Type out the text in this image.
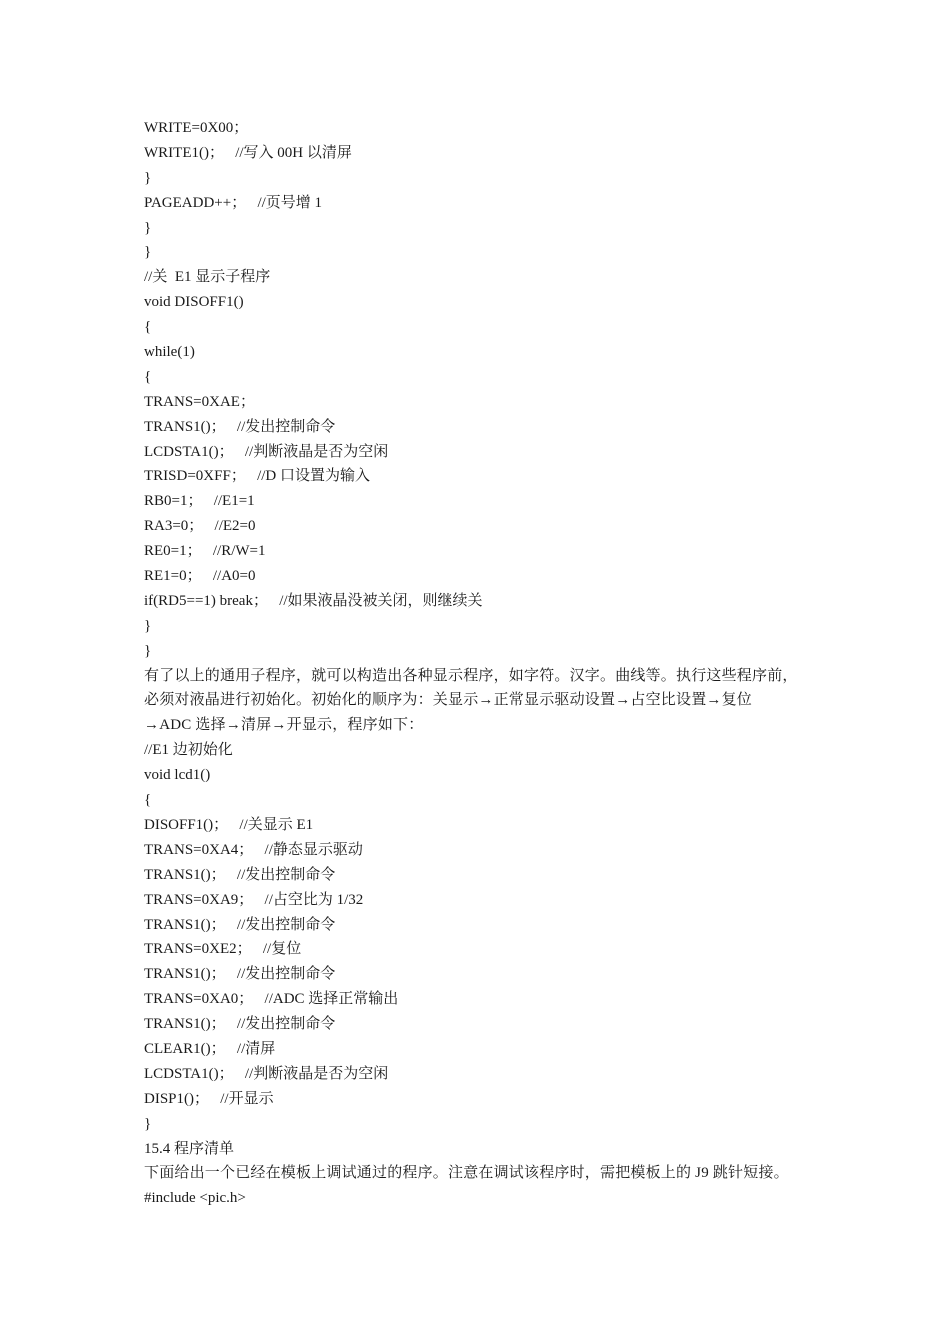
WRITE=0X00；
WRITE1()；   //写入 00H 以清屏
}
PAGEADD++；   //页号增 1
}
}
//关  E1 显示子程序
void DISOFF1()
{
while(1)
{
TRANS=0XAE；
TRANS1()；   //发出控制命令
LCDSTA1()；   //判断液晶是否为空闲
TRISD=0XFF；   //D 口设置为输入
RB0=1；   //E1=1
RA3=0；   //E2=0
RE0=1；   //R/W=1
RE1=0；   //A0=0
if(RD5==1) break；   //如果液晶没被关闭，则继续关
}
}
有了以上的通用子程序，就可以构造出各种显示程序，如字符。汉字。曲线等。执行这些程序前，
必须对液晶进行初始化。初始化的顺序为：关显示→正常显示驱动设置→占空比设置→复位
→ADC 选择→清屏→开显示，程序如下：
//E1 边初始化
void lcd1()
{
DISOFF1()；   //关显示 E1
TRANS=0XA4；   //静态显示驱动
TRANS1()；   //发出控制命令
TRANS=0XA9；   //占空比为 1/32
TRANS1()；   //发出控制命令
TRANS=0XE2；   //复位
TRANS1()；   //发出控制命令
TRANS=0XA0；   //ADC 选择正常输出
TRANS1()；   //发出控制命令
CLEAR1()；   //清屏
LCDSTA1()；   //判断液晶是否为空闲
DISP1()；   //开显示
}
15.4 程序清单
下面给出一个已经在模板上调试通过的程序。注意在调试该程序时，需把模板上的 J9 跳针短接。
#include <pic.h>
